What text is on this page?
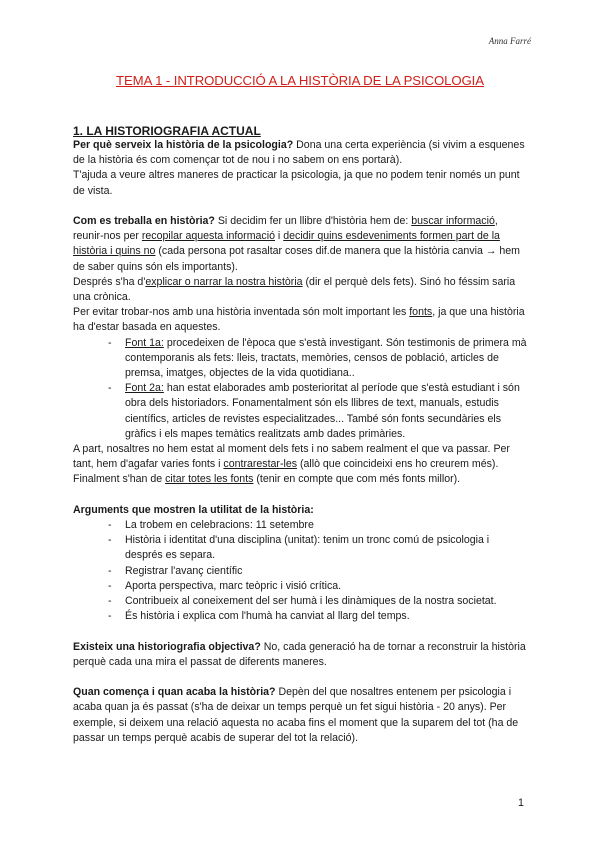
Anna Farré
TEMA 1 - INTRODUCCIÓ A LA HISTÒRIA DE LA PSICOLOGIA

1. LA HISTORIOGRAFIA ACTUAL

Per què serveix la història de la psicologia? Dona una certa experiència (si vivim a esquenes de la història és com començar tot de nou i no sabem on ens portarà).

T'ajuda a veure altres maneres de practicar la psicologia, ja que no podem tenir només un punt de vista.

Com es treballa en història? Si decidim fer un llibre d'història hem de: buscar informació, reunir-nos per recopilar aquesta informació i decidir quins esdeveniments formen part de la història i quins no (cada persona pot rasaltar coses dif.de manera que la història canvia → hem de saber quins són els importants).

Després s'ha d'explicar o narrar la nostra història (dir el perquè dels fets). Sinó ho féssim saria una crònica.

Per evitar trobar-nos amb una història inventada són molt important les fonts, ja que una història ha d'estar basada en aquestes.

- Font 1a: procedeixen de l'època que s'està investigant. Són testimonis de primera mà contemporanis als fets: lleis, tractats, memòries, censos de població, articles de premsa, imatges, objectes de la vida quotidiana..
- Font 2a: han estat elaborades amb posterioritat al període que s'està estudiant i són obra dels historiadors. Fonamentalment són els llibres de text, manuals, estudis científics, articles de revistes especialitzades... També són fonts secundàries els gràfics i els mapes temàtics realitzats amb dades primàries.

A part, nosaltres no hem estat al moment dels fets i no sabem realment el que va passar. Per tant, hem d'agafar varies fonts i contrarestar-les (allò que coincideixi ens ho creurem més).

Finalment s'han de citar totes les fonts (tenir en compte que com més fonts millor).

Arguments que mostren la utilitat de la història:

- La trobem en celebracions: 11 setembre
- Història i identitat d'una disciplina (unitat): tenim un tronc comú de psicologia i després es separa.
- Registrar l'avanç científic
- Aporta perspectiva, marc teòpric i visió crítica.
- Contribueix al coneixement del ser humà i les dinàmiques de la nostra societat.
- És història i explica com l'humà ha canviat al llarg del temps.

Existeix una historiografia objectiva? No, cada generació ha de tornar a reconstruir la història perquè cada una mira el passat de diferents maneres.

Quan comença i quan acaba la història? Depèn del que nosaltres entenem per psicologia i acaba quan ja és passat (s'ha de deixar un temps perquè un fet sigui història - 20 anys). Per exemple, si deixem una relació aquesta no acaba fins el moment que la suparem del tot (ha de passar un temps perquè acabis de superar del tot la relació).

1
